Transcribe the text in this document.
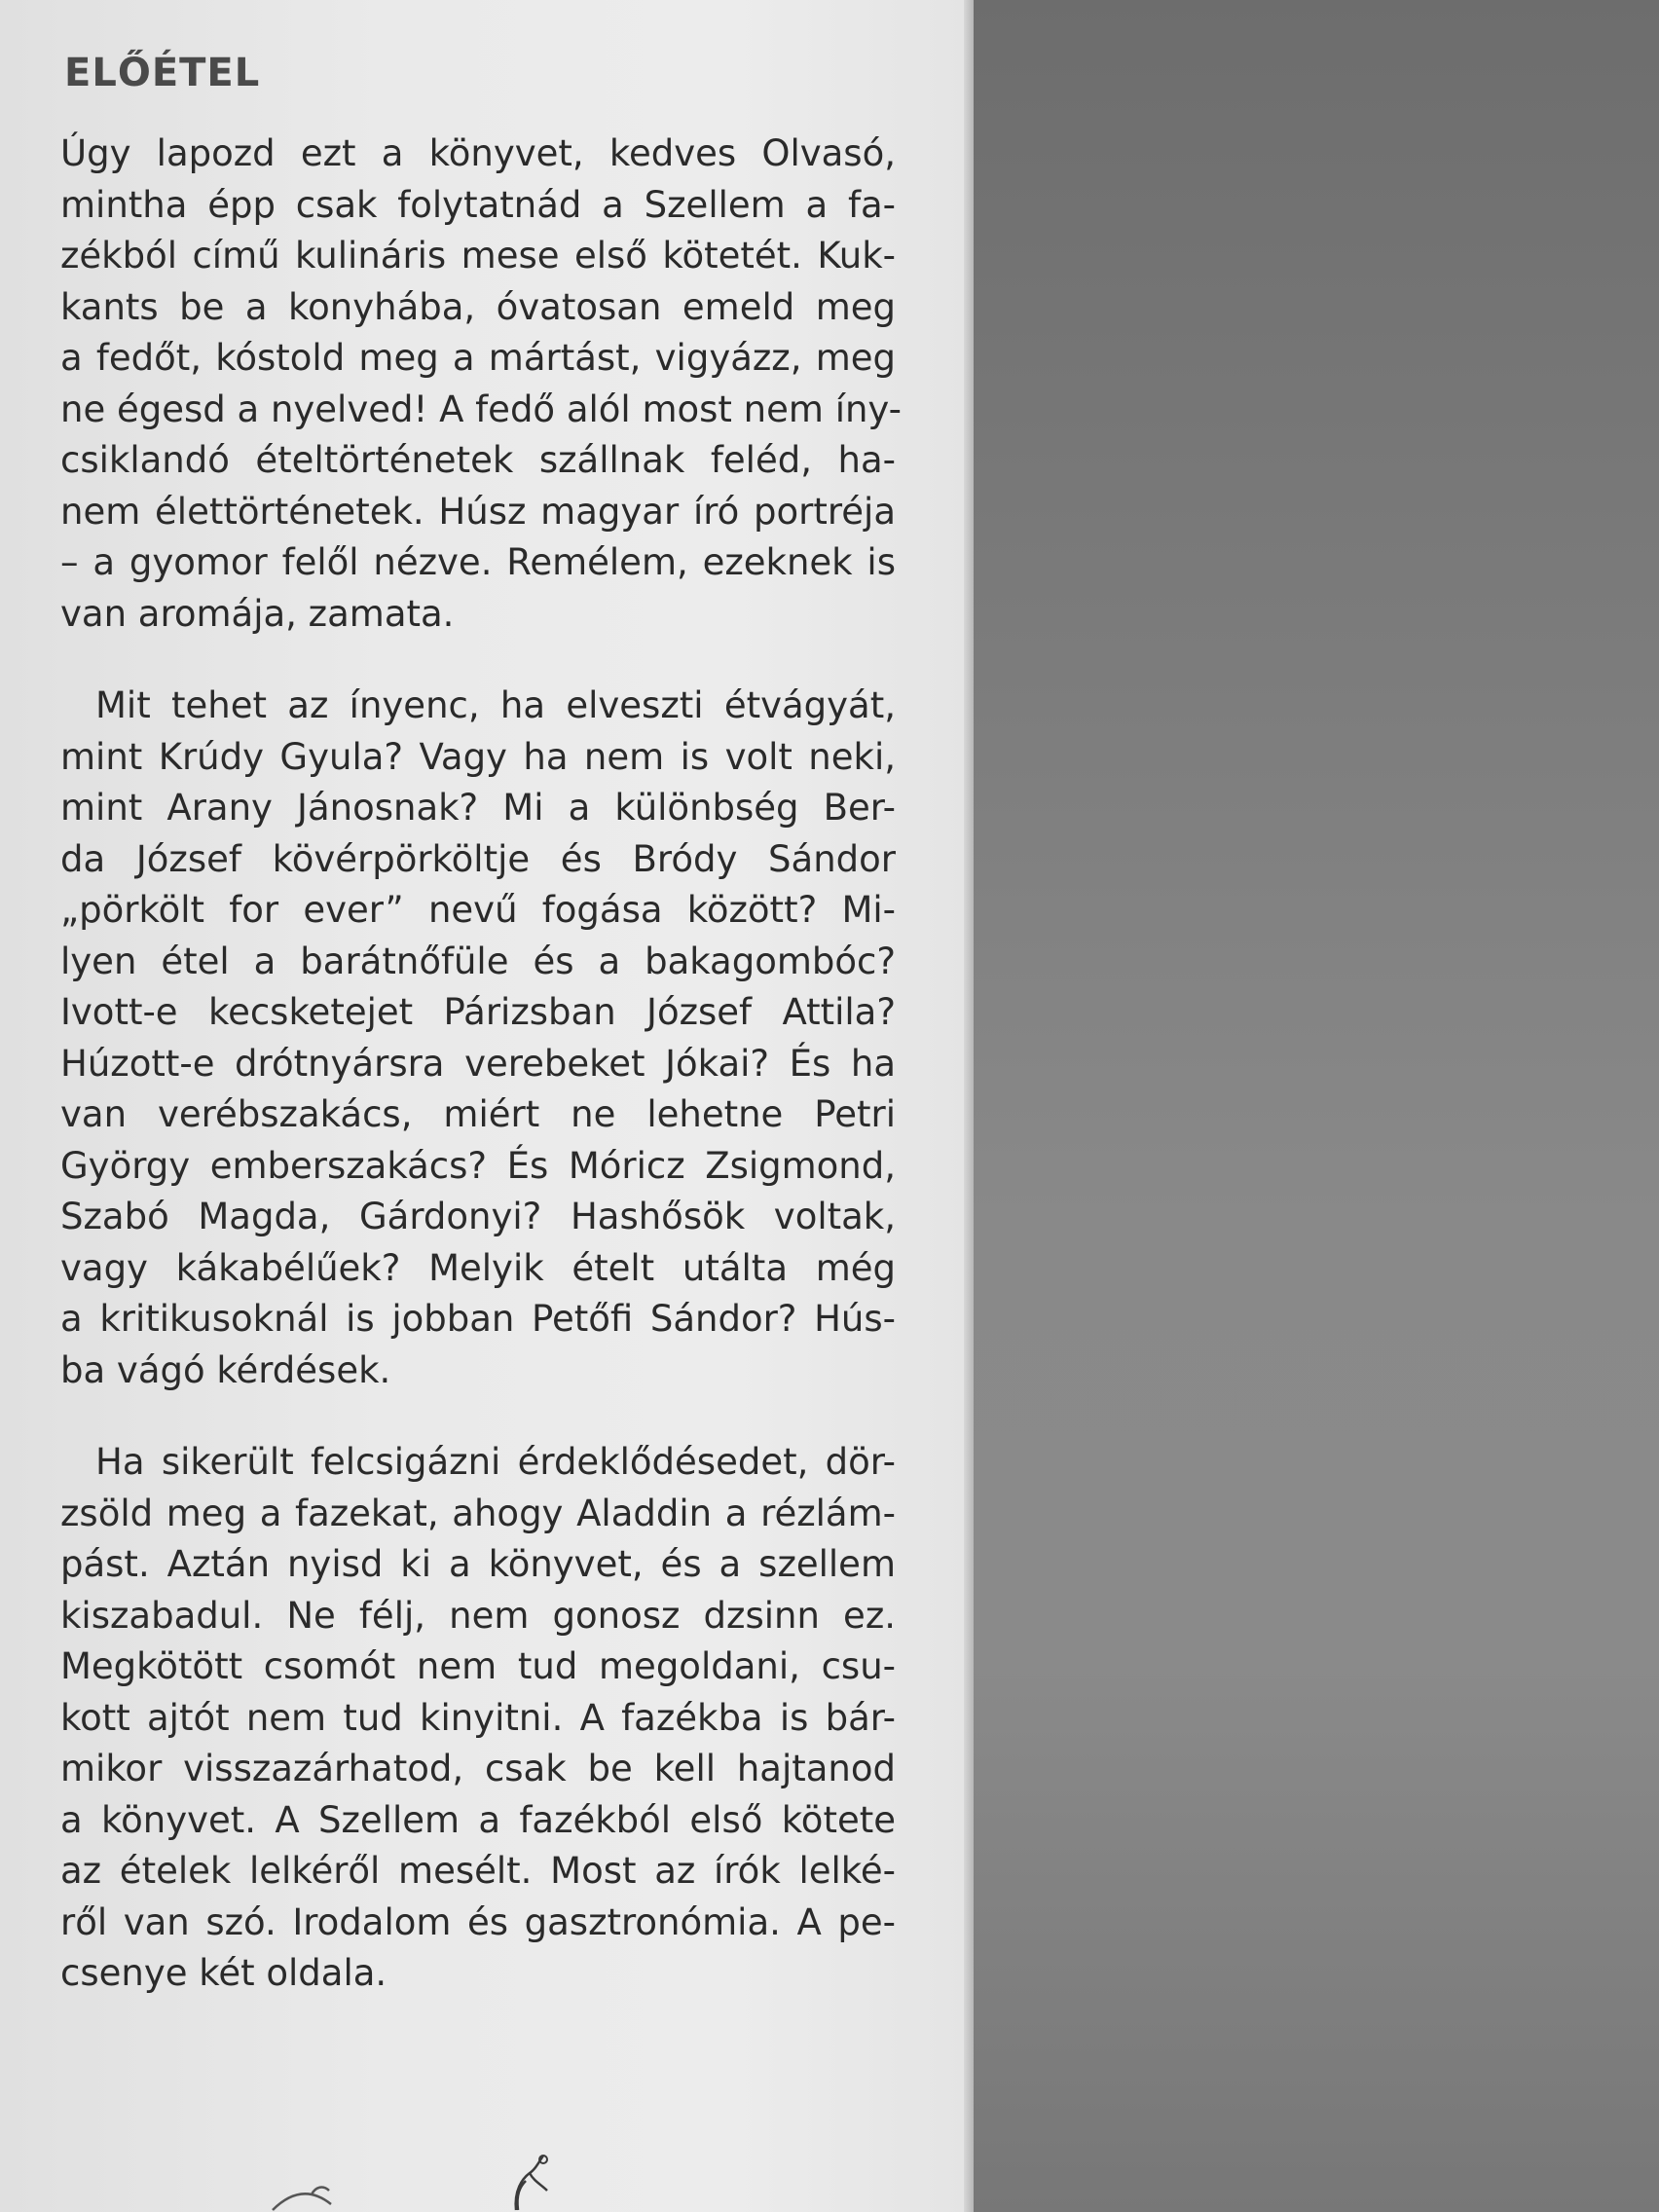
ELŐÉTEL

Úgy lapozd ezt a könyvet, kedves Olvasó,
mintha épp csak folytatnád a Szellem a fa-
zékból című kulináris mese első kötetét. Kuk-
kants be a konyhába, óvatosan emeld meg
a fedőt, kóstold meg a mártást, vigyázz, meg
ne égesd a nyelved! A fedő alól most nem íny-
csiklandó ételtörténetek szállnak feléd, ha-
nem élettörténetek. Húsz magyar író portréja
– a gyomor felől nézve. Remélem, ezeknek is
van aromája, zamata.

Mit tehet az ínyenc, ha elveszti étvágyát,
mint Krúdy Gyula? Vagy ha nem is volt neki,
mint Arany Jánosnak? Mi a különbség Ber-
da József kövérpörköltje és Bródy Sándor
„pörkölt for ever” nevű fogása között? Mi-
lyen étel a barátnőfüle és a bakagombóc?
Ivott-e kecsketejet Párizsban József Attila?
Húzott-e drótnyársra verebeket Jókai? És ha
van verébszakács, miért ne lehetne Petri
György emberszakács? És Móricz Zsigmond,
Szabó Magda, Gárdonyi? Hashősök voltak,
vagy kákabélűek? Melyik ételt utálta még
a kritikusoknál is jobban Petőfi Sándor? Hús-
ba vágó kérdések.

Ha sikerült felcsigázni érdeklődésedet, dör-
zsöld meg a fazekat, ahogy Aladdin a rézlám-
pást. Aztán nyisd ki a könyvet, és a szellem
kiszabadul. Ne félj, nem gonosz dzsinn ez.
Megkötött csomót nem tud megoldani, csu-
kott ajtót nem tud kinyitni. A fazékba is bár-
mikor visszazárhatod, csak be kell hajtanod
a könyvet. A Szellem a fazékból első kötete
az ételek lelkéről mesélt. Most az írók lelké-
ről van szó. Irodalom és gasztronómia. A pe-
csenye két oldala.
